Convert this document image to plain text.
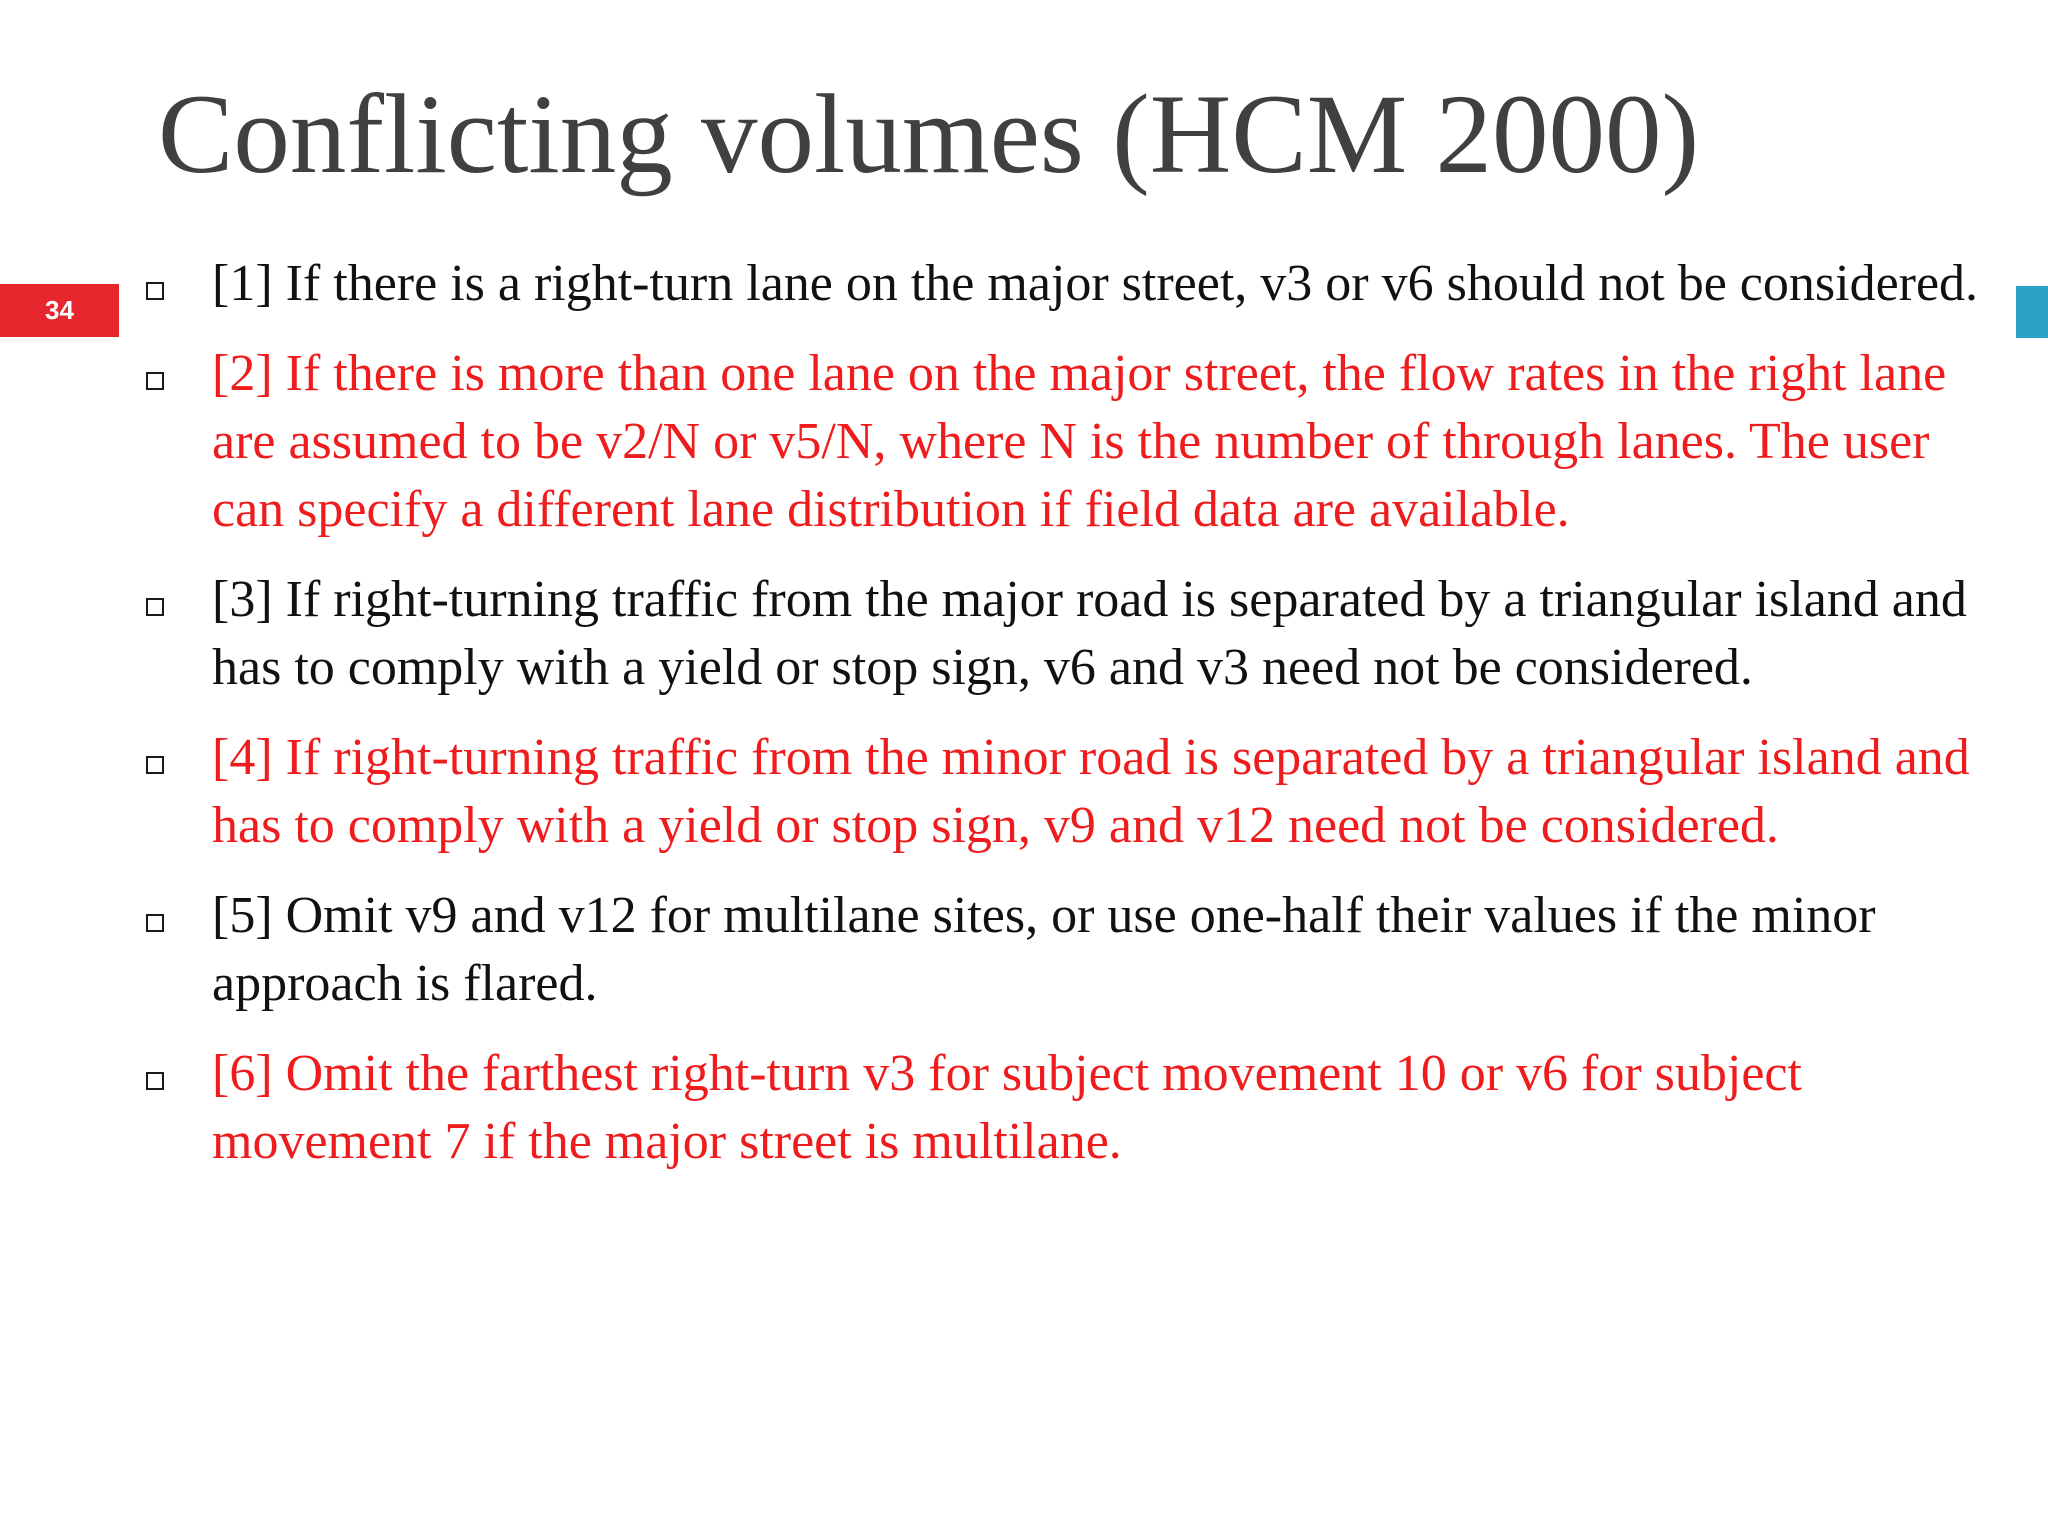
Conflicting volumes (HCM 2000)
34	[1] If there is a right-turn lane on the major street, v3 or v6 should not be considered.
[2] If there is more than one lane on the major street, the flow rates in the right lane are assumed to be v2/N or v5/N, where N is the number of through lanes. The user can specify a different lane distribution if field data are available.
[3] If right-turning traffic from the major road is separated by a triangular island and has to comply with a yield or stop sign, v6 and v3 need not be considered.
[4] If right-turning traffic from the minor road is separated by a triangular island and has to comply with a yield or stop sign, v9 and v12 need not be considered.
[5] Omit v9 and v12 for multilane sites, or use one-half their values if the minor approach is flared.
[6] Omit the farthest right-turn v3 for subject movement 10 or v6 for subject movement 7 if the major street is multilane.
